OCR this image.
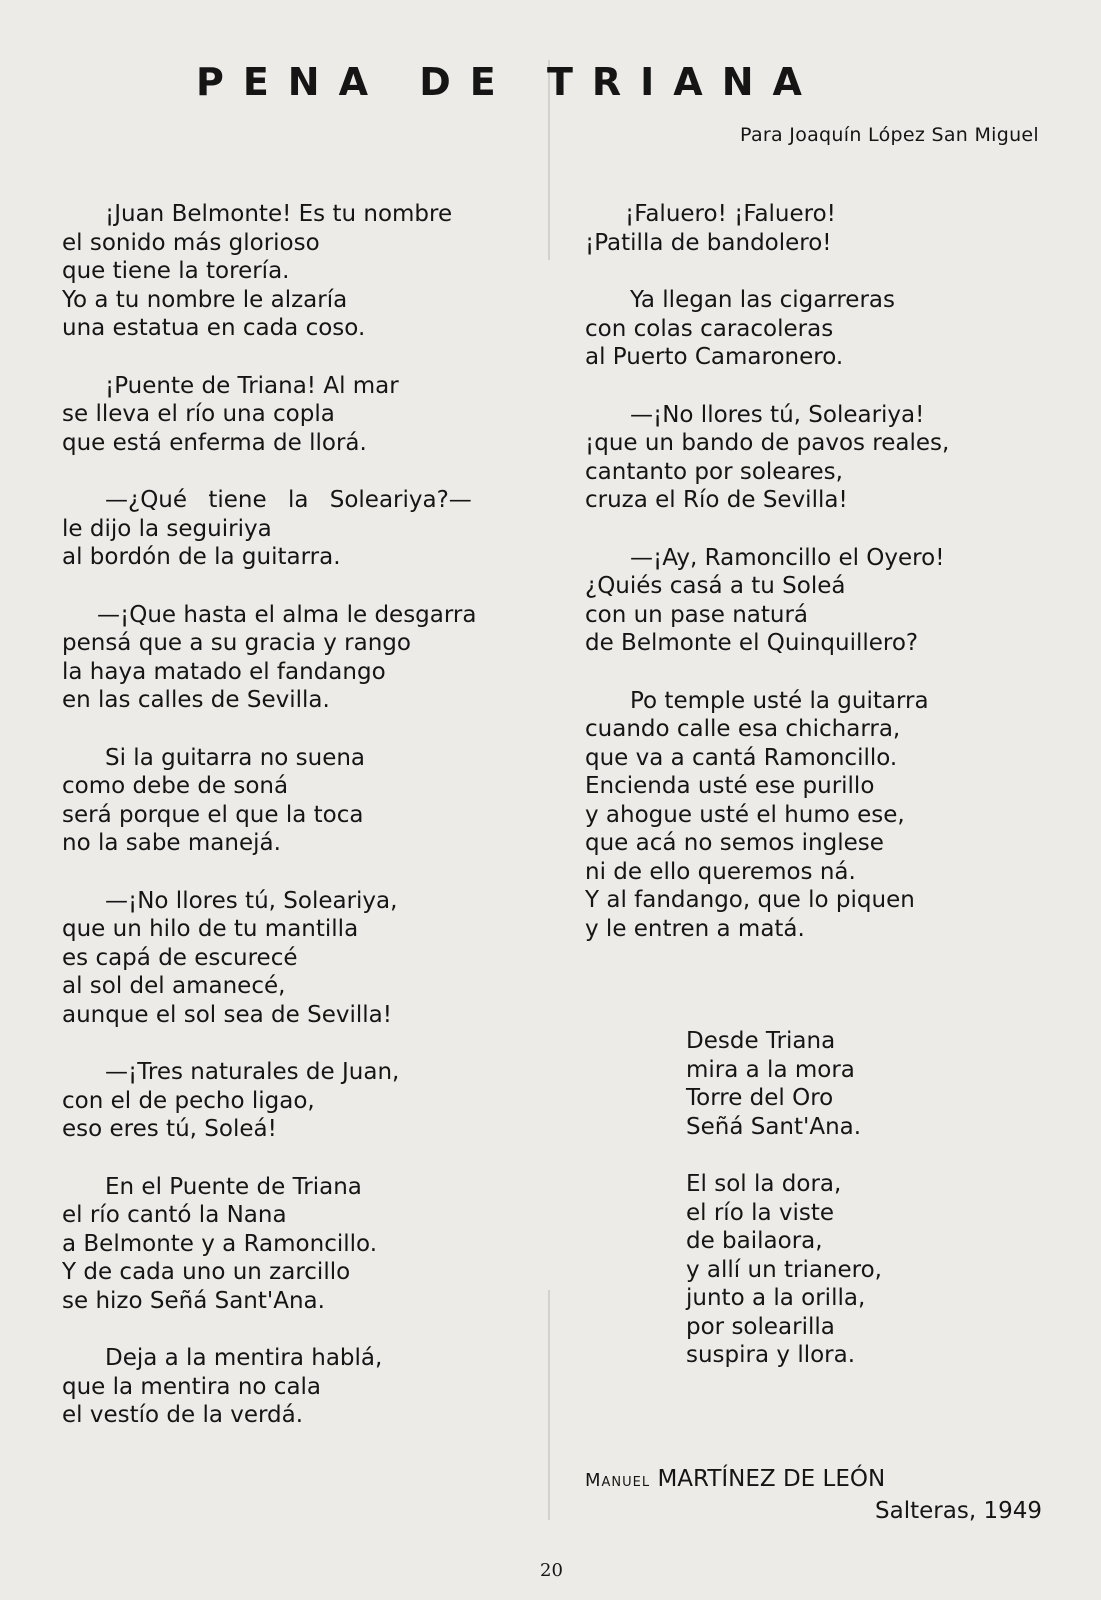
PENA DE TRIANA
Para Joaquín López San Miguel
¡Juan Belmonte! Es tu nombre
el sonido más glorioso
que tiene la torería.
Yo a tu nombre le alzaría
una estatua en cada coso.
¡Puente de Triana! Al mar
se lleva el río una copla
que está enferma de llorá.
—¿Qué tiene la Soleariya?—
le dijo la seguiriya
al bordón de la guitarra.
—¡Que hasta el alma le desgarra
pensá que a su gracia y rango
la haya matado el fandango
en las calles de Sevilla.
Si la guitarra no suena
como debe de soná
será porque el que la toca
no la sabe manejá.
—¡No llores tú, Soleariya,
que un hilo de tu mantilla
es capá de escurecé
al sol del amanecé,
aunque el sol sea de Sevilla!
—¡Tres naturales de Juan,
con el de pecho ligao,
eso eres tú, Soleá!
En el Puente de Triana
el río cantó la Nana
a Belmonte y a Ramoncillo.
Y de cada uno un zarcillo
se hizo Señá Sant'Ana.
Deja a la mentira hablá,
que la mentira no cala
el vestío de la verdá.
¡Faluero! ¡Faluero!
¡Patilla de bandolero!
Ya llegan las cigarreras
con colas caracoleras
al Puerto Camaronero.
—¡No llores tú, Soleariya!
¡que un bando de pavos reales,
cantanto por soleares,
cruza el Río de Sevilla!
—¡Ay, Ramoncillo el Oyero!
¿Quiés casá a tu Soleá
con un pase naturá
de Belmonte el Quinquillero?
Po temple usté la guitarra
cuando calle esa chicharra,
que va a cantá Ramoncillo.
Encienda usté ese purillo
y ahogue usté el humo ese,
que acá no semos inglese
ni de ello queremos ná.
Y al fandango, que lo piquen
y le entren a matá.
Desde Triana
mira a la mora
Torre del Oro
Señá Sant'Ana.
El sol la dora,
el río la viste
de bailaora,
y allí un trianero,
junto a la orilla,
por solearilla
suspira y llora.
Manuel MARTÍNEZ DE LEÓN
Salteras, 1949
20
